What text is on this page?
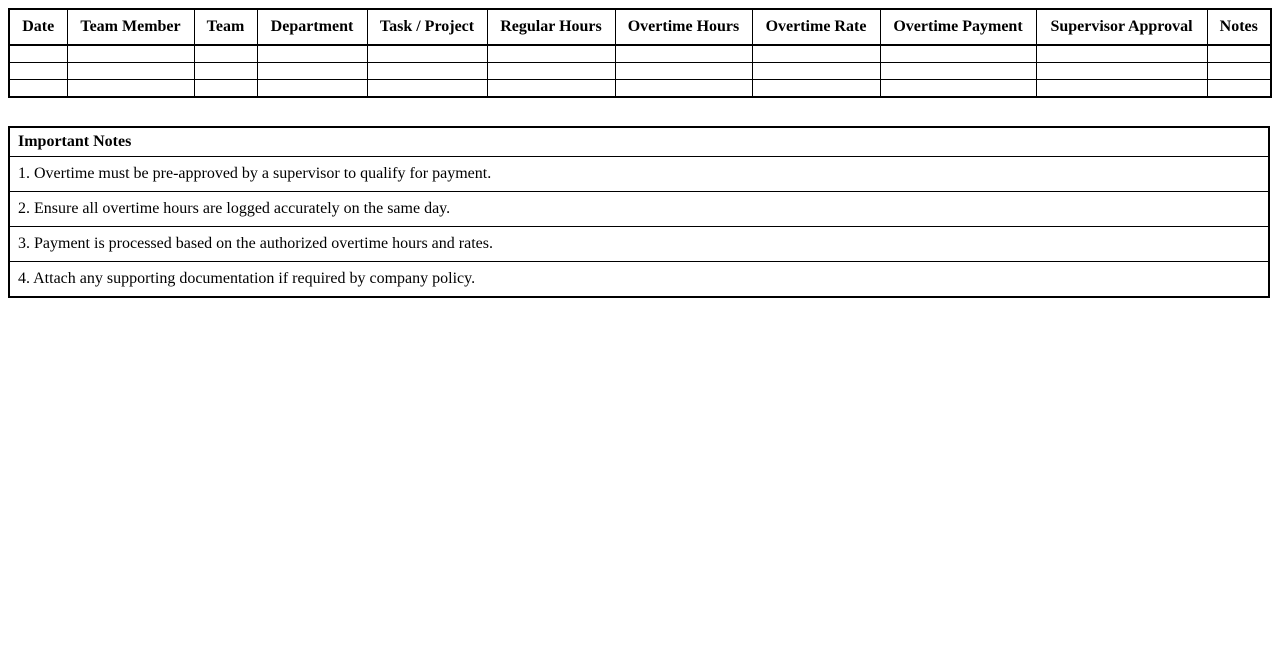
Date	Team Member	Team	Department	Task / Project	Regular Hours	Overtime Hours	Overtime Rate	Overtime Payment	Supervisor Approval	Notes

Important Notes
1. Overtime must be pre-approved by a supervisor to qualify for payment.
2. Ensure all overtime hours are logged accurately on the same day.
3. Payment is processed based on the authorized overtime hours and rates.
4. Attach any supporting documentation if required by company policy.
